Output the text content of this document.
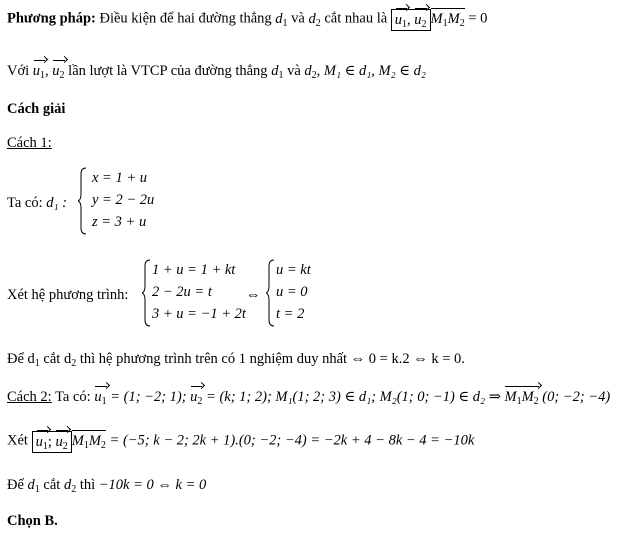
Phương pháp: Điều kiện để hai đường thẳng $d_1$ và $d_2$ cắt nhau là $u_1$, $u_2$ $M_1M_2 = 0$
Với $u_1$, $u_2$ lần lượt là VTCP của đường thẳng $d_1$ và $d_2$, M₁ ∈ d₁, M₂ ∈ d₂
Cách giải
Cách 1:
Ta có: d₁ :
x = 1 + u
y = 2 − 2u
z = 3 + u
Xét hệ phương trình:
1 + u = 1 + kt
2 − 2u = t
3 + u = −1 + 2t
⇔
u = kt
u = 0
t = 2
Để $d_1$ cắt $d_2$ thì hệ phương trình trên có 1 nghiệm duy nhất ⇔ 0 = k.2 ⇔ k = 0.
Cách 2: Ta có: $u_1 = (1$; −2; 1); $u_2 = (k$; 1; 2); M₁(1; 2; 3) ∈ d₁; M₂(1; 0; −1) ∈ d₂ ⇒ $M_1M_2$ (0; −2; −4)
Xét $u_1$; $u_2$ $M_1M_2 = (-5$; k − 2; 2k + 1).(0; −2; −4) = −2k + 4 − 8k − 4 = −10k
Để $d_1$ cắt $d_2$ thì −10k = 0 ⇔ k = 0
Chọn B.
